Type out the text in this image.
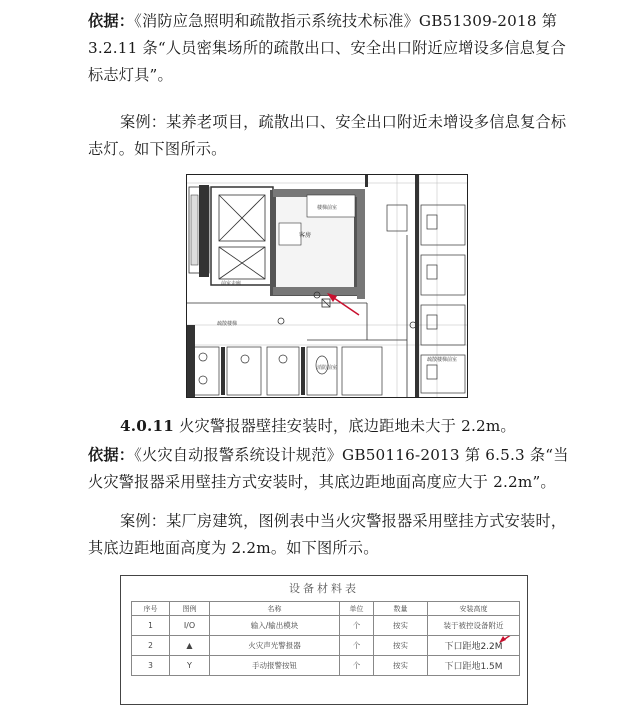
依据：《消防应急照明和疏散指示系统技术标准》GB51309-2018 第3.2.11 条“人员密集场所的疏散出口、安全出口附近应增设多信息复合标志灯具”。

案例：某养老项目，疏散出口、安全出口附近未增设多信息复合标志灯。如下图所示。

楼梯前室
客房
前室走廊
消防前室
疏散楼梯
疏散楼梯前室

4.0.11 火灾警报器壁挂安装时，底边距地未大于 2.2m。

依据：《火灾自动报警系统设计规范》GB50116-2013 第 6.5.3 条“当火灾警报器采用壁挂方式安装时，其底边距地面高度应大于 2.2m”。

案例：某厂房建筑，图例表中当火灾警报器采用壁挂方式安装时，其底边距地面高度为 2.2m。如下图所示。

设备材料表
序号	图例	名称	单位	数量	安装高度
1	I/O	输入/输出模块	个	按实	装于被控设备附近
2	▲	火灾声光警报器	个	按实	下口距地2.2M

3	Y	手动报警按钮	个	按实	下口距地1.5M
